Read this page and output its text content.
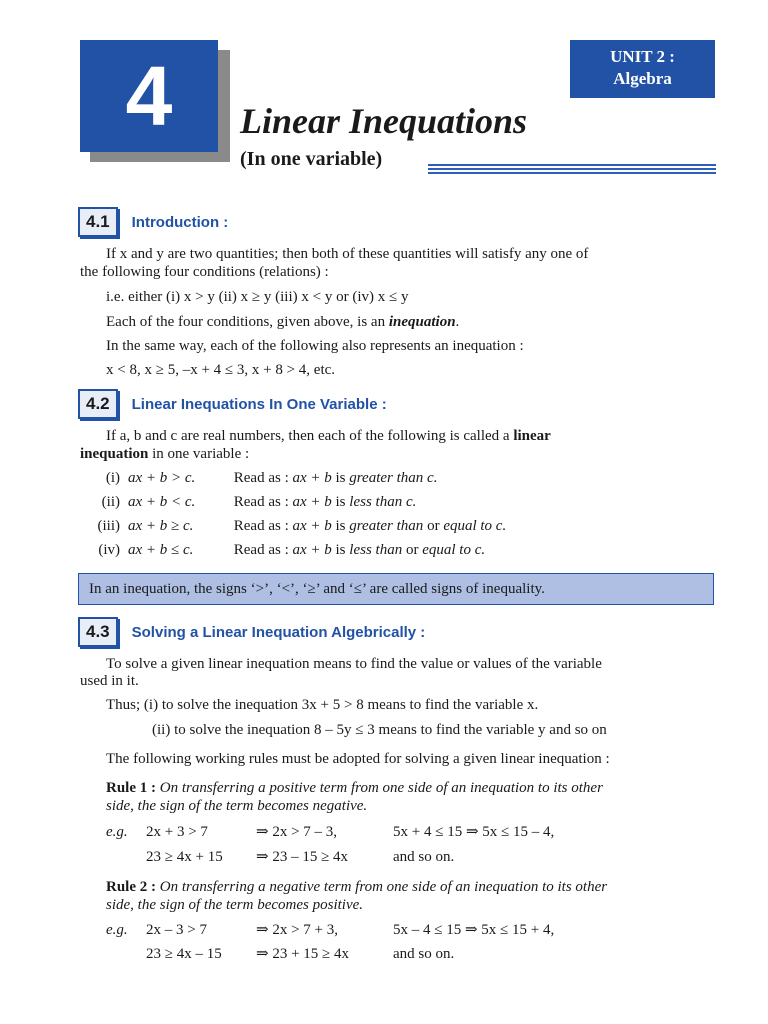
4	UNIT 2 :
Algebra
Linear Inequations
(In one variable)
4.1	Introduction :
If x and y are two quantities; then both of these quantities will satisfy any one of
the following four conditions (relations) :
i.e. either (i) x > y (ii) x ≥ y (iii) x < y or (iv) x ≤ y
Each of the four conditions, given above, is an inequation.
In the same way, each of the following also represents an inequation :
x < 8, x ≥ 5, –x + 4 ≤ 3, x + 8 > 4, etc.
4.2	Linear Inequations In One Variable :
If a, b and c are real numbers, then each of the following is called a linear
inequation in one variable :
(i) ax + b > c.	Read as : ax + b is greater than c.
(ii) ax + b < c.	Read as : ax + b is less than c.
(iii) ax + b ≥ c.	Read as : ax + b is greater than or equal to c.
(iv) ax + b ≤ c.	Read as : ax + b is less than or equal to c.
In an inequation, the signs ‘>’, ‘<’, ‘≥’ and ‘≤’ are called signs of inequality.
4.3	Solving a Linear Inequation Algebrically :
To solve a given linear inequation means to find the value or values of the variable
used in it.
Thus; (i) to solve the inequation 3x + 5 > 8 means to find the variable x.
(ii) to solve the inequation 8 – 5y ≤ 3 means to find the variable y and so on
The following working rules must be adopted for solving a given linear inequation :
Rule 1 : On transferring a positive term from one side of an inequation to its other
side, the sign of the term becomes negative.
e.g. 2x + 3 > 7	⇒ 2x > 7 – 3,	5x + 4 ≤ 15 ⇒ 5x ≤ 15 – 4,
23 ≥ 4x + 15 ⇒ 23 – 15 ≥ 4x	and so on.
Rule 2 : On transferring a negative term from one side of an inequation to its other
side, the sign of the term becomes positive.
e.g. 2x – 3 > 7	⇒ 2x > 7 + 3,	5x – 4 ≤ 15 ⇒ 5x ≤ 15 + 4,
23 ≥ 4x – 15 ⇒ 23 + 15 ≥ 4x	and so on.
